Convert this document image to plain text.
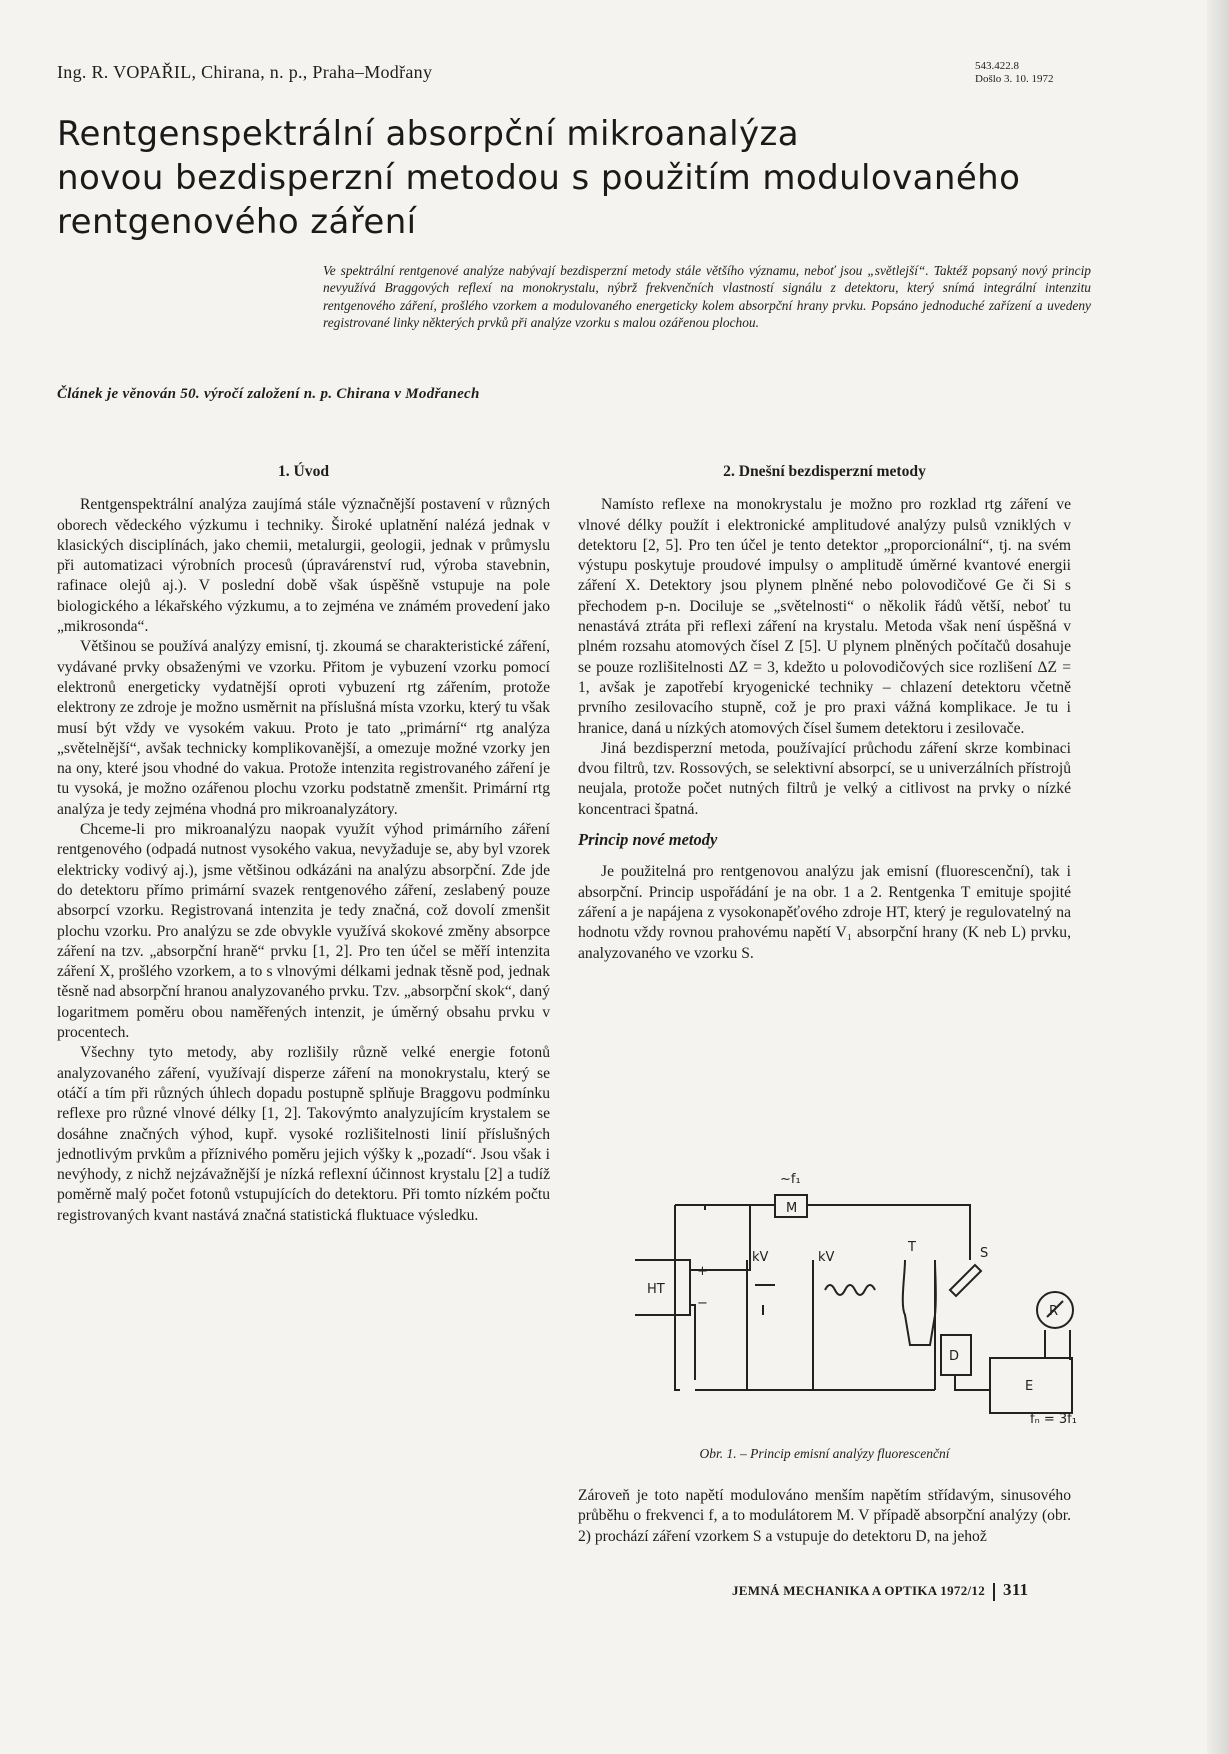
Ing. R. VOPAŘIL, Chirana, n. p., Praha–Modřany	543.422.8
Došlo 3. 10. 1972
Rentgenspektrální absorpční mikroanalýza
novou bezdisperzní metodou s použitím modulovaného
rentgenového záření

Ve spektrální rentgenové analýze nabývají bezdisperzní metody stále většího významu, neboť jsou „světlejší“. Taktéž popsaný nový princip nevyužívá Braggových reflexí na monokrystalu, nýbrž frekvenčních vlastností signálu z detektoru, který snímá integrální intenzitu rentgenového záření, prošlého vzorkem a modulovaného energeticky kolem absorpční hrany prvku. Popsáno jednoduché zařízení a uvedeny registrované linky některých prvků při analýze vzorku s malou ozářenou plochou.

Článek je věnován 50. výročí založení n. p. Chirana v Modřanech
1. Úvod

Rentgenspektrální analýza zaujímá stále význačnější postavení v různých oborech vědeckého výzkumu i techniky. Široké uplatnění nalézá jednak v klasických disciplínách, jako chemii, metalurgii, geologii, jednak v průmyslu při automatizaci výrobních procesů (úpravárenství rud, výroba stavebnin, rafinace olejů aj.). V poslední době však úspěšně vstupuje na pole biologického a lékařského výzkumu, a to zejména ve známém provedení jako „mikrosonda“.

Většinou se používá analýzy emisní, tj. zkoumá se charakteristické záření, vydávané prvky obsaženými ve vzorku. Přitom je vybuzení vzorku pomocí elektronů energeticky vydatnější oproti vybuzení rtg zářením, protože elektrony ze zdroje je možno usměrnit na příslušná místa vzorku, který tu však musí být vždy ve vysokém vakuu. Proto je tato „primární“ rtg analýza „světelnější“, avšak technicky komplikovanější, a omezuje možné vzorky jen na ony, které jsou vhodné do vakua. Protože intenzita registrovaného záření je tu vysoká, je možno ozářenou plochu vzorku podstatně zmenšit. Primární rtg analýza je tedy zejména vhodná pro mikroanalyzátory.

Chceme-li pro mikroanalýzu naopak využít výhod primárního záření rentgenového (odpadá nutnost vysokého vakua, nevyžaduje se, aby byl vzorek elektricky vodivý aj.), jsme většinou odkázáni na analýzu absorpční. Zde jde do detektoru přímo primární svazek rentgenového záření, zeslabený pouze absorpcí vzorku. Registrovaná intenzita je tedy značná, což dovolí zmenšit plochu vzorku. Pro analýzu se zde obvykle využívá skokové změny absorpce záření na tzv. „absorpční hraně“ prvku [1, 2]. Pro ten účel se měří intenzita záření X, prošlého vzorkem, a to s vlnovými délkami jednak těsně pod, jednak těsně nad absorpční hranou analyzovaného prvku. Tzv. „absorpční skok“, daný logaritmem poměru obou naměřených intenzit, je úměrný obsahu prvku v procentech.

Všechny tyto metody, aby rozlišily různě velké energie fotonů analyzovaného záření, využívají disperze záření na monokrystalu, který se otáčí a tím při různých úhlech dopadu postupně splňuje Braggovu podmínku reflexe pro různé vlnové délky [1, 2]. Takovýmto analyzujícím krystalem se dosáhne značných výhod, kupř. vysoké rozlišitelnosti linií příslušných jednotlivým prvkům a příznivého poměru jejich výšky k „pozadí“. Jsou však i nevýhody, z nichž nejzávažnější je nízká reflexní účinnost krystalu [2] a tudíž poměrně malý počet fotonů vstupujících do detektoru. Při tomto nízkém počtu registrovaných kvant nastává značná statistická fluktuace výsledku.

2. Dnešní bezdisperzní metody

Namísto reflexe na monokrystalu je možno pro rozklad rtg záření ve vlnové délky použít i elektronické amplitudové analýzy pulsů vzniklých v detektoru [2, 5]. Pro ten účel je tento detektor „proporcionální“, tj. na svém výstupu poskytuje proudové impulsy o amplitudě úměrné kvantové energii záření X. Detektory jsou plynem plněné nebo polovodičové Ge či Si s přechodem p-n. Dociluje se „světelnosti“ o několik řádů větší, neboť tu nenastává ztráta při reflexi záření na krystalu. Metoda však není úspěšná v plném rozsahu atomových čísel Z [5]. U plynem plněných počítačů dosahuje se pouze rozlišitelnosti ΔZ = 3, kdežto u polovodičových sice rozlišení ΔZ = 1, avšak je zapotřebí kryogenické techniky – chlazení detektoru včetně prvního zesilovacího stupně, což je pro praxi vážná komplikace. Je tu i hranice, daná u nízkých atomových čísel šumem detektoru i zesilovače.

Jiná bezdisperzní metoda, používající průchodu záření skrze kombinaci dvou filtrů, tzv. Rossových, se selektivní absorpcí, se u univerzálních přístrojů neujala, protože počet nutných filtrů je velký a citlivost na prvky o nízké koncentraci špatná.

Princip nové metody

Je použitelná pro rentgenovou analýzu jak emisní (fluorescenční), tak i absorpční. Princip uspořádání je na obr. 1 a 2. Rentgenka T emituje spojité záření a je napájena z vysokonapěťového zdroje HT, který je regulovatelný na hodnotu vždy rovnou prahovému napětí V₁ absorpční hrany (K neb L) prvku, analyzovaného ve vzorku S.

~f₁
M
HT
kV	kV
T	S
D
R
E
fₙ = 3f₁
+
−
Obr. 1. – Princip emisní analýzy fluorescenční

Zároveň je toto napětí modulováno menším napětím střídavým, sinusového průběhu o frekvenci f, a to modulátorem M. V případě absorpční analýzy (obr. 2) prochází záření vzorkem S a vstupuje do detektoru D, na jehož

JEMNÁ MECHANIKA A OPTIKA 1972/12 311
